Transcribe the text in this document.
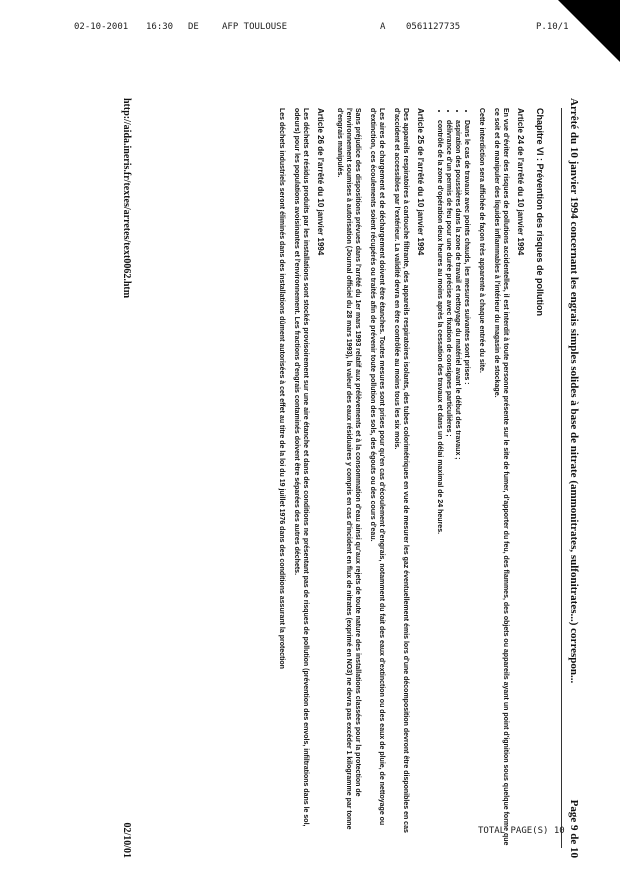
02-10-2001 16:30 DE	AFP TOULOUSE	A 0561127735	P.10/1
Arrêté du 10 janvier 1994 concernant les engrais simples solides à base de nitrate (ammonitrates, sulfonitrates...) correspon...
Page 9 de 10
Chapitre VI : Prévention des risques de pollution
Article 24 de l'arrêté du 10 janvier 1994

En vue d'éviter des risques de pollutions accidentelles, il est interdit à toute personne présente sur le site de fumer, d'apporter du feu, des flammes, des objets ou appareils ayant un point d'ignition sous quelque forme que ce soit et de manipuler des liquides inflammables à l'intérieur du magasin de stockage.

Cette interdiction sera affichée de façon très apparente à chaque entrée du site.

• Dans le cas de travaux avec points chauds, les mesures suivantes sont prises :
• aspiration des poussières dans la zone de travail et nettoyage du matériel avant le début des travaux ;
• délivrance d'un permis de feu pour une durée précise avec fixation de consignes particulières ;
• contrôle de la zone d'opération deux heures au moins après la cessation des travaux et dans un délai maximal de 24 heures.
Article 25 de l'arrêté du 10 janvier 1994

Des appareils respiratoires à cartouche filtrante, des appareils respiratoires isolants, des tubes colorimétriques en vue de mesurer les gaz éventuellement émis lors d'une décomposition devront être disponibles en cas d'accident et accessibles par l'extérieur. La validité devra en être contrôlée au moins tous les six mois.

Les aires de chargement et de déchargement doivent être étanches. Toutes mesures sont prises pour qu'en cas d'écoulement d'engrais, notamment du fait des eaux d'extinction ou des eaux de pluie, de nettoyage ou d'extinction, ces écoulements soient récupérés ou traités afin de prévenir toute pollution des sols, des égouts ou des cours d'eau.

Sans préjudice des dispositions prévues dans l'arrêté du 1er mars 1993 relatif aux prélèvements et à la consommation d'eau ainsi qu'aux rejets de toute nature des installations classées pour la protection de l'environnement soumises à autorisation (Journal officiel du 28 mars 1993), la valeur des eaux résiduaires y compris en cas d'incident en flux de nitrates (exprimé en NO3) ne devra pas excéder 1 kilogramme par tonne d'engrais manipulés.

Article 26 de l'arrêté du 10 janvier 1994

Les déchets et résidus produits par les installations sont stockés provisoirement sur une aire étanche et dans des conditions ne présentant pas de risques de pollution (prévention des envols, infiltrations dans le sol, odeurs) pour les populations avoisinantes et l'environnement. Les fractions d'engrais contaminés doivent être séparées des autres déchets.

Les déchets industriels seront éliminés dans des installations dûment autorisées à cet effet au titre de la loi du 19 juillet 1976 dans des conditions assurant la protection

http://aida.ineris.fr/textes/arretes/text0062.htm
02/10/01	TOTAL PAGE(S) 10
